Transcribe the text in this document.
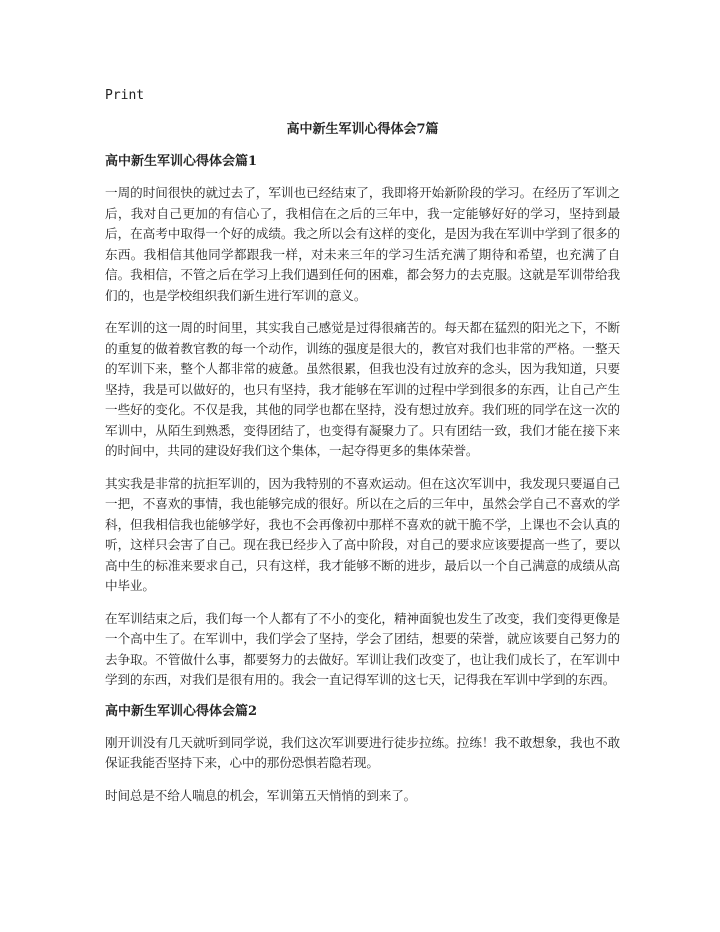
Print
高中新生军训心得体会7篇
高中新生军训心得体会篇1

一周的时间很快的就过去了，军训也已经结束了，我即将开始新阶段的学习。在经历了军训之后，我对自己更加的有信心了，我相信在之后的三年中，我一定能够好好的学习，坚持到最后，在高考中取得一个好的成绩。我之所以会有这样的变化，是因为我在军训中学到了很多的东西。我相信其他同学都跟我一样，对未来三年的学习生活充满了期待和希望，也充满了自信。我相信，不管之后在学习上我们遇到任何的困难，都会努力的去克服。这就是军训带给我们的，也是学校组织我们新生进行军训的意义。

在军训的这一周的时间里，其实我自己感觉是过得很痛苦的。每天都在猛烈的阳光之下，不断的重复的做着教官教的每一个动作，训练的强度是很大的，教官对我们也非常的严格。一整天的军训下来，整个人都非常的疲惫。虽然很累，但我也没有过放弃的念头，因为我知道，只要坚持，我是可以做好的，也只有坚持，我才能够在军训的过程中学到很多的东西，让自己产生一些好的变化。不仅是我，其他的同学也都在坚持，没有想过放弃。我们班的同学在这一次的军训中，从陌生到熟悉，变得团结了，也变得有凝聚力了。只有团结一致，我们才能在接下来的时间中，共同的建设好我们这个集体，一起夺得更多的集体荣誉。

其实我是非常的抗拒军训的，因为我特别的不喜欢运动。但在这次军训中，我发现只要逼自己一把，不喜欢的事情，我也能够完成的很好。所以在之后的三年中，虽然会学自己不喜欢的学科，但我相信我也能够学好，我也不会再像初中那样不喜欢的就干脆不学，上课也不会认真的听，这样只会害了自己。现在我已经步入了高中阶段，对自己的要求应该要提高一些了，要以高中生的标准来要求自己，只有这样，我才能够不断的进步，最后以一个自己满意的成绩从高中毕业。

在军训结束之后，我们每一个人都有了不小的变化，精神面貌也发生了改变，我们变得更像是一个高中生了。在军训中，我们学会了坚持，学会了团结，想要的荣誉，就应该要自己努力的去争取。不管做什么事，都要努力的去做好。军训让我们改变了，也让我们成长了，在军训中学到的东西，对我们是很有用的。我会一直记得军训的这七天，记得我在军训中学到的东西。

高中新生军训心得体会篇2

刚开训没有几天就听到同学说，我们这次军训要进行徒步拉练。拉练！我不敢想象，我也不敢保证我能否坚持下来，心中的那份恐惧若隐若现。

时间总是不给人喘息的机会，军训第五天悄悄的到来了。
